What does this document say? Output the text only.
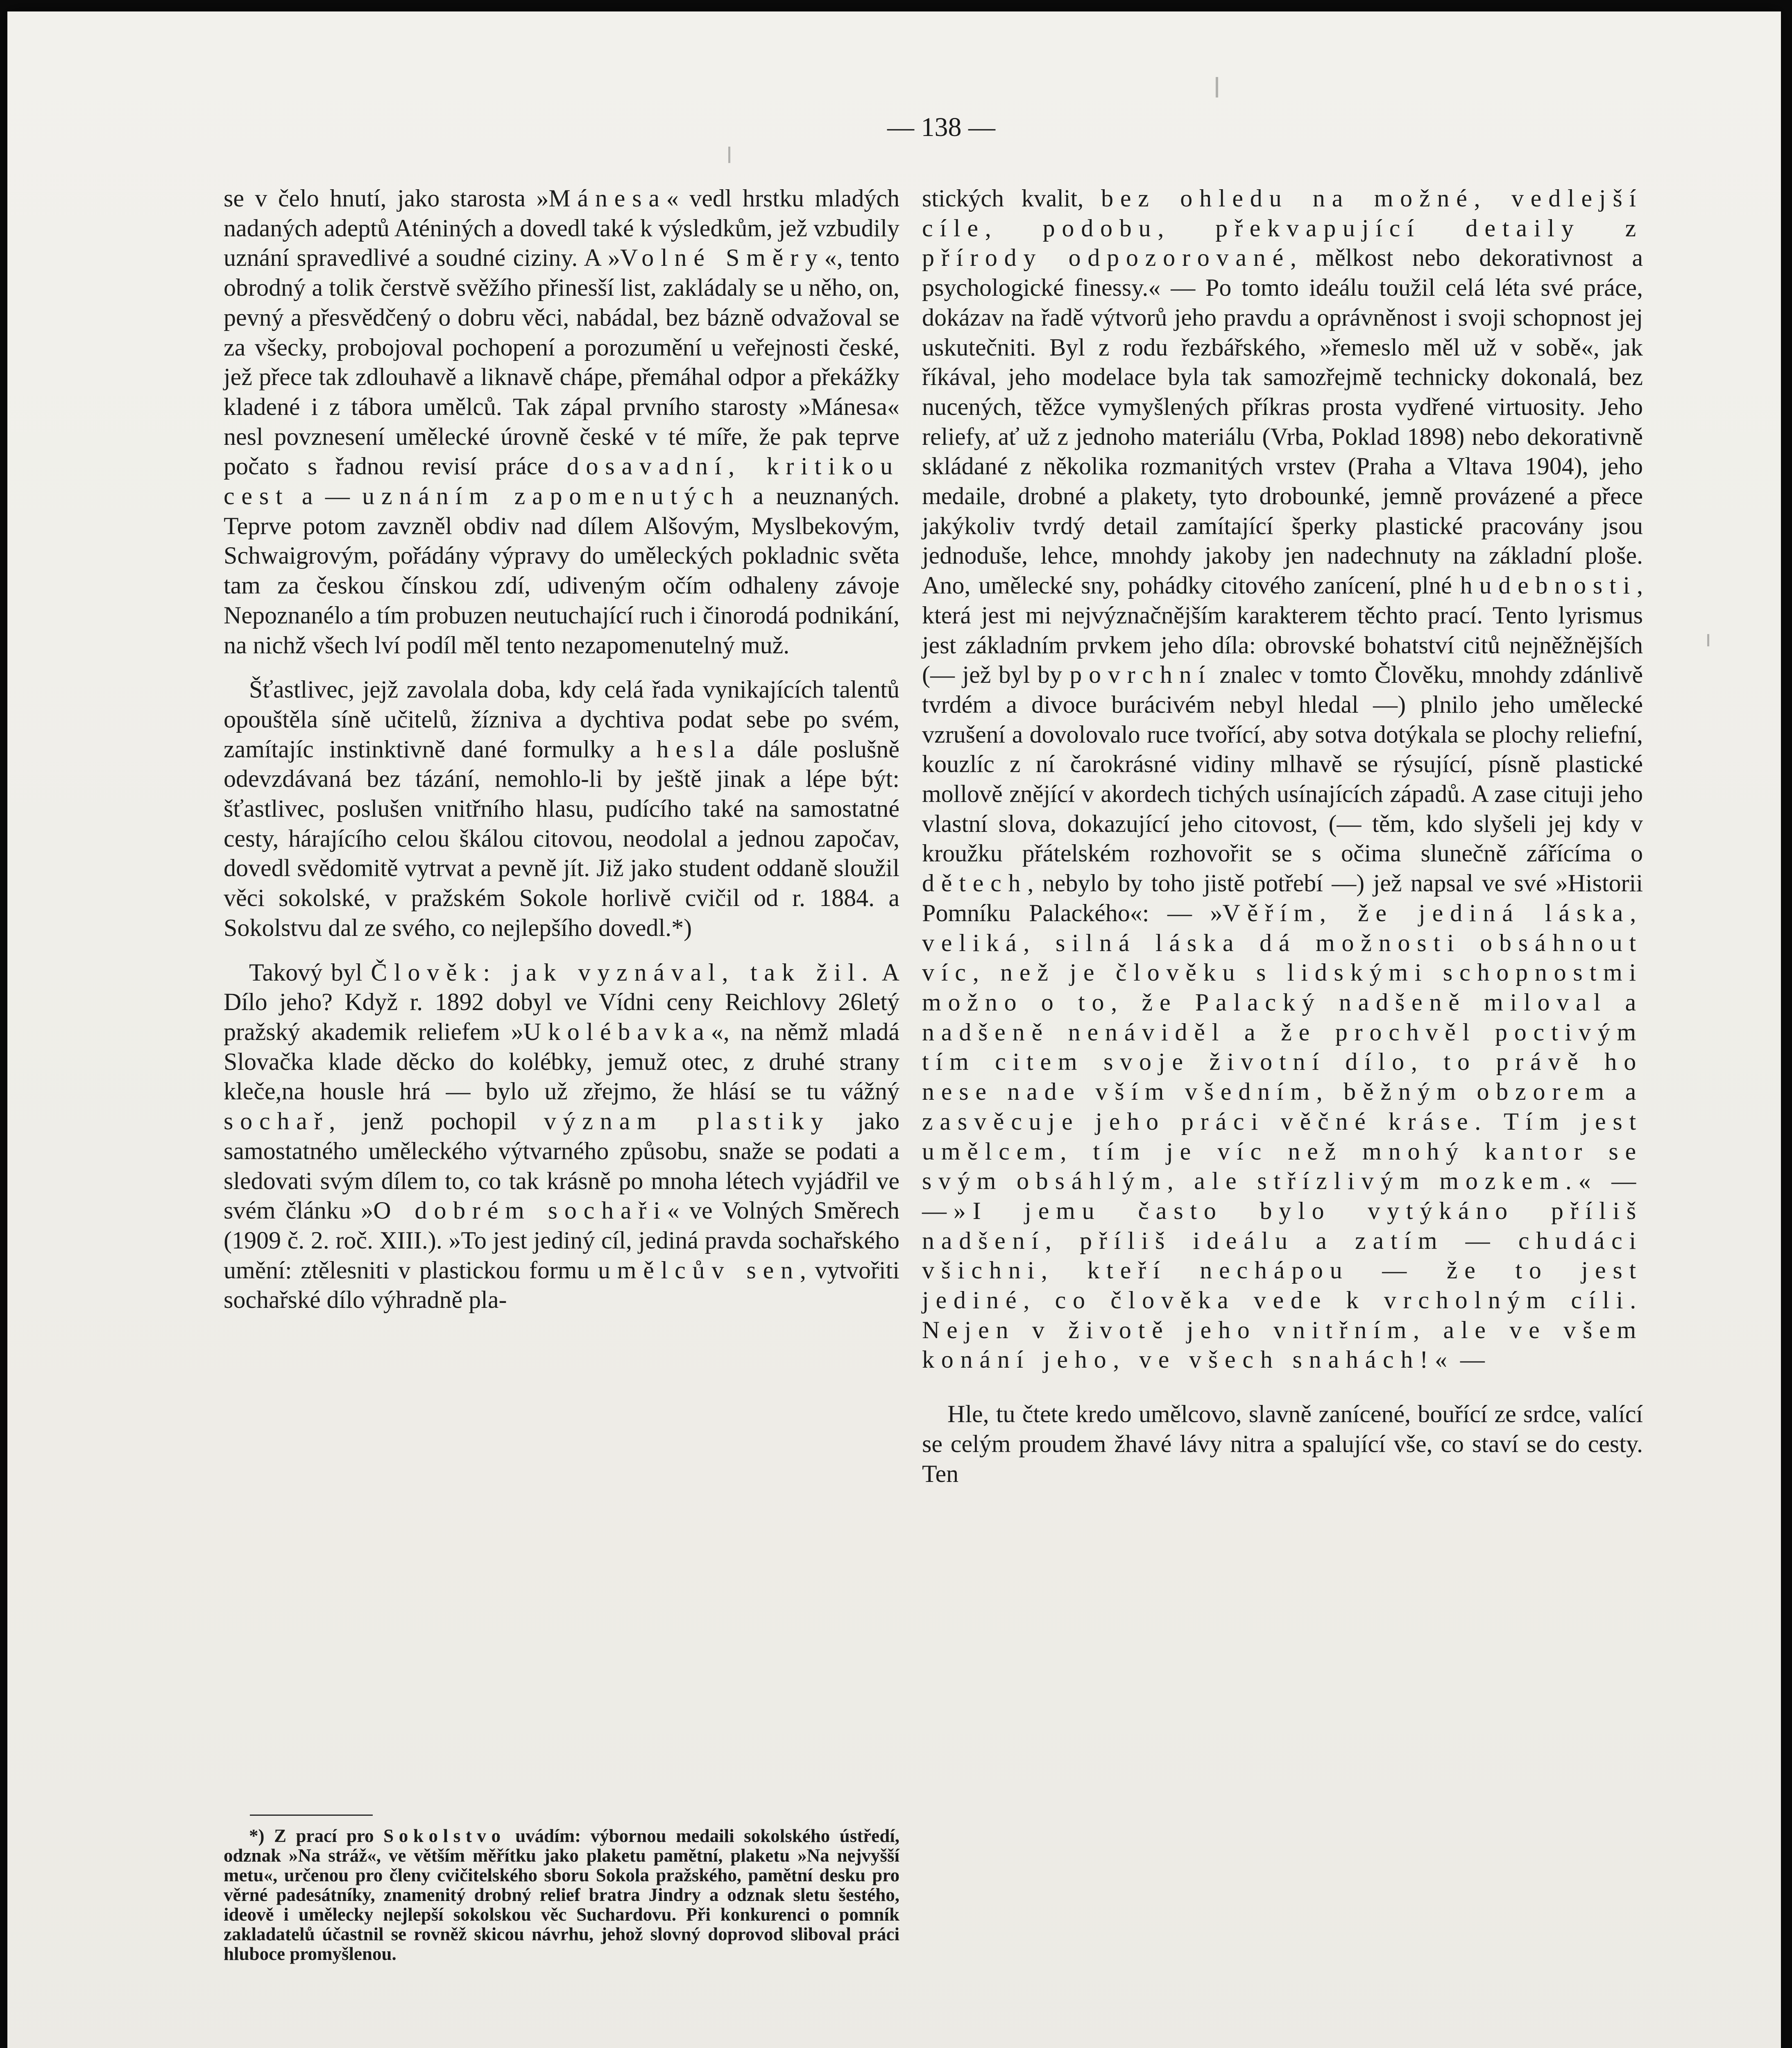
— 138 —

se v čelo hnutí, jako starosta »Mánesa« vedl hrstku mladých nadaných adeptů Aténiných a dovedl také k výsledkům, jež vzbudily uznání spravedlivé a soudné ciziny. A »Volné Směry«, tento obrodný a tolik čerstvě svěžího přinesší list, zakládaly se u něho, on, pevný a přesvědčený o dobru věci, nabádal, bez bázně odvažoval se za všecky, probojoval pochopení a porozumění u veřejnosti české, jež přece tak zdlouhavě a liknavě chápe, přemáhal odpor a překážky kladené i z tábora umělců. Tak zápal prvního starosty »Mánesa« nesl povznesení umělecké úrovně české v té míře, že pak teprve počato s řadnou revisí práce dosavadní, kritikou cest a — uznáním zapomenutých a neuznaných. Teprve potom zavzněl obdiv nad dílem Alšovým, Myslbekovým, Schwaigrovým, pořádány výpravy do uměleckých pokladnic světa tam za českou čínskou zdí, udiveným očím odhaleny závoje Nepoznanélo a tím probuzen neutuchající ruch i činorodá podnikání, na nichž všech lví podíl měl tento nezapomenutelný muž.

Šťastlivec, jejž zavolala doba, kdy celá řada vynikajících talentů opouštěla síně učitelů, žíznivа a dychtiva podat sebe po svém, zamítajíc instinktivně dané formulky a hesla dále poslušně odevzdávaná bez tázání, nemohlo-li by ještě jinak a lépe být: šťastlivec, poslušen vnitřního hlasu, pudícího také na samostatné cesty, hárajícího celou škálou citovou, neodolal a jednou započav, dovedl svědomitě vytrvat a pevně jít. Již jako student oddaně sloužil věci sokolské, v pražském Sokole horlivě cvičil od r. 1884. a Sokolstvu dal ze svého, co nejlepšího dovedl.*)

Takový byl Člověk: jak vyznával, tak žil. A Dílo jeho? Když r. 1892 dobyl ve Vídni ceny Reichlovy 26letý pražský akademik reliefem »Ukolébavka«, na němž mladá Slovačka klade děcko do kolébky, jemuž otec, z druhé strany klečе,na housle hrá — bylo už zřejmo, že hlásí se tu vážný sochař, jenž pochopil význam plastiky jako samostatného uměleckého výtvarného způsobu, snaže se podati a sledovati svým dílem to, co tak krásně po mnoha létech vyjádřil ve svém článku »O dobrém sochaři« ve Volných Směrech (1909 č. 2. roč. XIII.). »To jest jediný cíl, jediná pravda sochařského umění: ztělesniti v plastickou formu umělcův sen, vytvořiti sochařské dílo výhradně pla-

*) Z prací pro Sokolstvo uvádím: výbornou medaili sokolského ústředí, odznak »Na stráž«, ve větším měřítku jako plaketu pamětní, plaketu »Na nejvyšší metu«, určenou pro členy cvičitelského sboru Sokola pražského, pamětní desku pro věrné padesátníky, znamenitý drobný relief bratra Jindry a odznak sletu šestého, ideově i umělecky nejlepší sokolskou věc Suchardovu. Při konkurenci o pomník zakladatelů účastnil se rovněž skicou návrhu, jehož slovný doprovod sliboval práci hluboce promyšlenou.

stických kvalit, bez ohledu na možné, vedlejší cíle, podobu, překvapující detaily z přírody odpozorované, mělkost nebo dekorativnost a psychologické finessy.« — Po tomto ideálu toužil celá léta své práce, dokázav na řadě výtvorů jeho pravdu a oprávněnost i svoji schopnost jej uskutečniti. Byl z rodu řezbářského, »řemeslo měl už v sobě«, jak říkával, jeho modelace byla tak samozřejmě technicky dokonalá, bez nucených, těžce vymyšlených příkras prosta vydřené virtuosity. Jeho reliefy, ať už z jednoho materiálu (Vrba, Poklad 1898) nebo dekorativně skládané z několika rozmanitých vrstev (Praha a Vltava 1904), jeho medaile, drobné a plakety, tyto drobounké, jemně provázené a přece jakýkoliv tvrdý detail zamítající šperky plastické pracovány jsou jednoduše, lehce, mnohdy jakoby jen nadechnuty na základní ploše. Ano, umělecké sny, pohádky citového zanícení, plné hudebnosti, která jest mi nejvýznačnějším karakterem těchto prací. Tento lyrismus jest základním prvkem jeho díla: obrovské bohatství citů nejněžnějších (— jež byl by povrchní znalec v tomto Člověku, mnohdy zdánlivě tvrdém a divoce burácivém nebyl hledal —) plnilo jeho umělecké vzrušení a dovolovalo ruce tvořící, aby sotva dotýkala se plochy reliefní, kouzlíc z ní čarokrásné vidiny mlhavě se rýsující, písně plastické mollově znějící v akordech tichých usínajících západů. A zase cituji jeho vlastní slova, dokazující jeho citovost, (— těm, kdo slyšeli jej kdy v kroužku přátelském rozhovořit se s očima slunečně zářícíma o dětech, nebylo by toho jistě potřebí —) jež napsal ve své »Historii Pomníku Palackého«: — »Věřím, že jediná láska, veliká, silná láska dá možnosti obsáhnout víc, než je člověku s lidskými schopnostmi možno o to, že Palacký nadšeně miloval a nadšeně nenáviděl a že prochvěl poctivým tím citem svoje životní dílo, to právě ho nese nade vším všedním, běžným obzorem a zasvěcuje jeho práci věčné krásе. Tím jest umělcem, tím je víc než mnohý kantor se svým obsáhlým, ale střízlivým mozkem.« — —»I jemu často bylo vytýkáno příliš nadšení, příliš ideálu a zatím — chudáci všichni, kteří nechápou — že to jest jediné, co člověka vede k vrcholným cíli. Nejen v životě jeho vnitřním, ale ve všem konání jeho, ve všech snahách!« —

Hle, tu čtete kredo umělcovo, slavně zanícené, bouřící ze srdce, valící se celým proudem žhavé lávy nitra a spalující vše, co staví se do cesty. Ten
